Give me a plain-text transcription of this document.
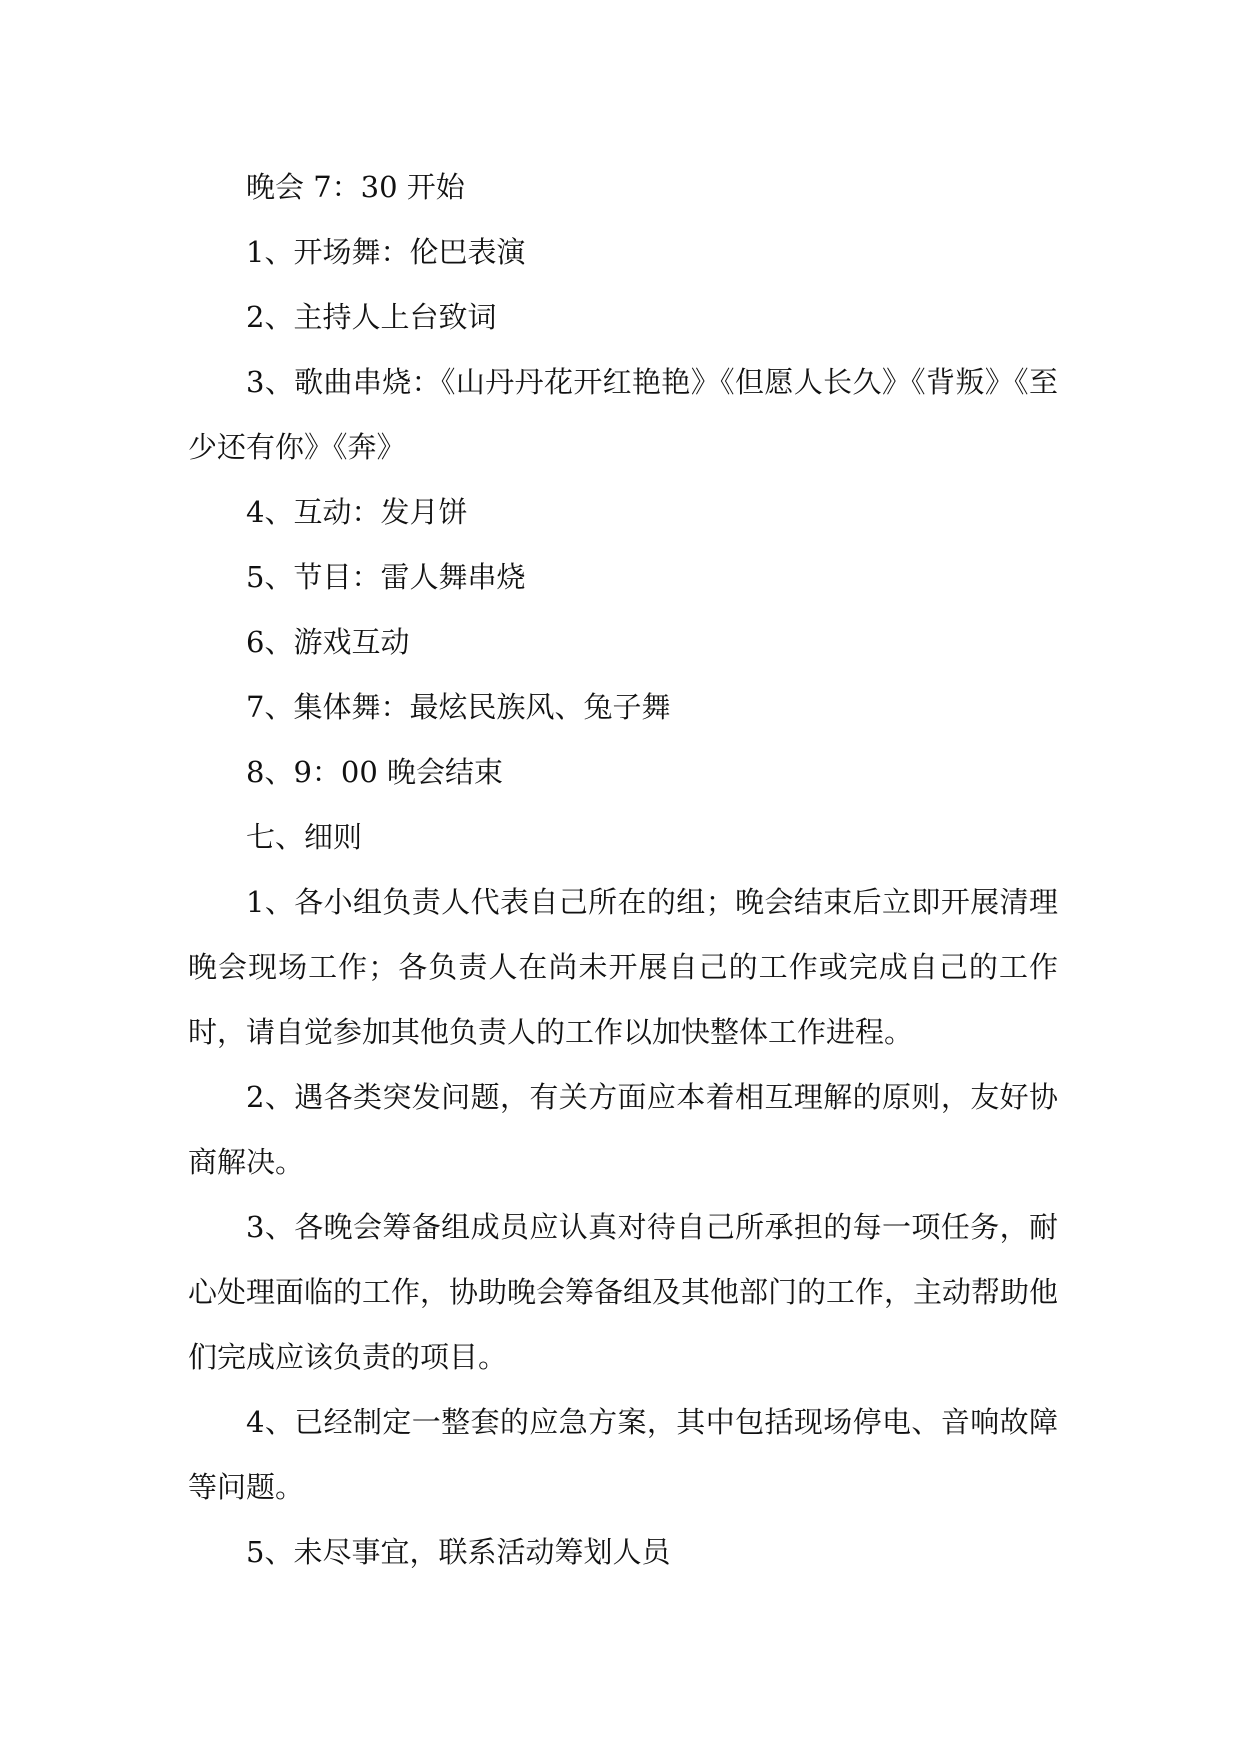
晚会 7：30 开始

1、开场舞：伦巴表演

2、主持人上台致词

3、歌曲串烧：《山丹丹花开红艳艳》《但愿人长久》《背叛》《至少还有你》《奔》

4、互动：发月饼

5、节目：雷人舞串烧

6、游戏互动

7、集体舞：最炫民族风、兔子舞

8、9：00 晚会结束

七、细则

1、各小组负责人代表自己所在的组；晚会结束后立即开展清理晚会现场工作；各负责人在尚未开展自己的工作或完成自己的工作时，请自觉参加其他负责人的工作以加快整体工作进程。

2、遇各类突发问题，有关方面应本着相互理解的原则，友好协商解决。

3、各晚会筹备组成员应认真对待自己所承担的每一项任务，耐心处理面临的工作，协助晚会筹备组及其他部门的工作，主动帮助他们完成应该负责的项目。

4、已经制定一整套的应急方案，其中包括现场停电、音响故障等问题。

5、未尽事宜，联系活动筹划人员
